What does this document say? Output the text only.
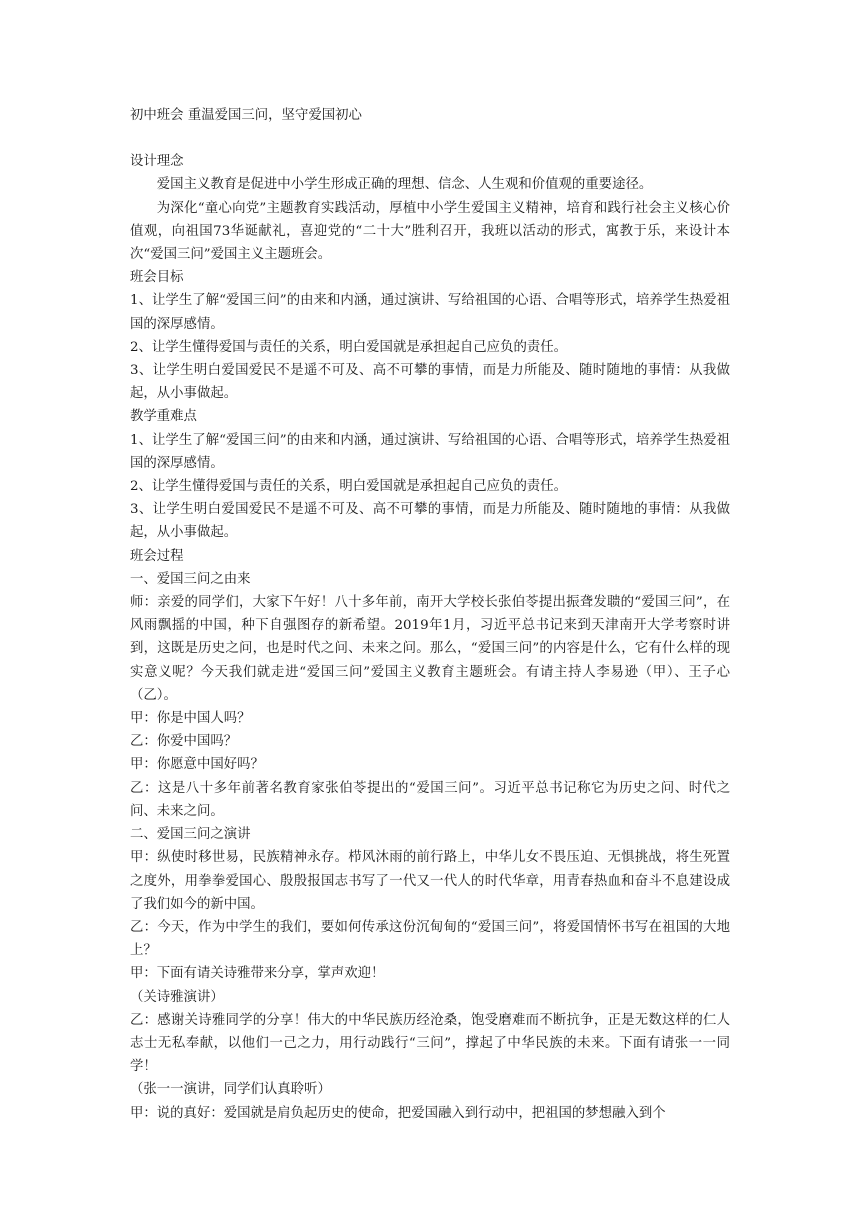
初中班会 重温爱国三问，坚守爱国初心

设计理念

爱国主义教育是促进中小学生形成正确的理想、信念、人生观和价值观的重要途径。

为深化“童心向党”主题教育实践活动，厚植中小学生爱国主义精神，培育和践行社会主义核心价值观，向祖国73华诞献礼，喜迎党的“二十大”胜利召开，我班以活动的形式，寓教于乐，来设计本次“爱国三问”爱国主义主题班会。

班会目标

1、让学生了解“爱国三问”的由来和内涵，通过演讲、写给祖国的心语、合唱等形式，培养学生热爱祖国的深厚感情。

2、让学生懂得爱国与责任的关系，明白爱国就是承担起自己应负的责任。

3、让学生明白爱国爱民不是遥不可及、高不可攀的事情，而是力所能及、随时随地的事情：从我做起，从小事做起。

教学重难点

1、让学生了解“爱国三问”的由来和内涵，通过演讲、写给祖国的心语、合唱等形式，培养学生热爱祖国的深厚感情。

2、让学生懂得爱国与责任的关系，明白爱国就是承担起自己应负的责任。

3、让学生明白爱国爱民不是遥不可及、高不可攀的事情，而是力所能及、随时随地的事情：从我做起，从小事做起。

班会过程

一、爱国三问之由来

师：亲爱的同学们，大家下午好！八十多年前，南开大学校长张伯苓提出振聋发聩的“爱国三问”，在风雨飘摇的中国，种下自强图存的新希望。2019年1月，习近平总书记来到天津南开大学考察时讲到，这既是历史之问，也是时代之问、未来之问。那么，“爱国三问”的内容是什么，它有什么样的现实意义呢？今天我们就走进“爱国三问”爱国主义教育主题班会。有请主持人李易逊（甲）、王子心（乙）。

甲：你是中国人吗？

乙：你爱中国吗？

甲：你愿意中国好吗？

乙：这是八十多年前著名教育家张伯苓提出的“爱国三问”。习近平总书记称它为历史之问、时代之问、未来之问。

二、爱国三问之演讲

甲：纵使时移世易，民族精神永存。栉风沐雨的前行路上，中华儿女不畏压迫、无惧挑战，将生死置之度外，用拳拳爱国心、殷殷报国志书写了一代又一代人的时代华章，用青春热血和奋斗不息建设成了我们如今的新中国。

乙：今天，作为中学生的我们，要如何传承这份沉甸甸的“爱国三问”，将爱国情怀书写在祖国的大地上？

甲：下面有请关诗雅带来分享，掌声欢迎！

（关诗雅演讲）

乙：感谢关诗雅同学的分享！伟大的中华民族历经沧桑，饱受磨难而不断抗争，正是无数这样的仁人志士无私奉献，以他们一己之力，用行动践行“三问”，撑起了中华民族的未来。下面有请张一一同学！

（张一一演讲，同学们认真聆听）

甲：说的真好：爱国就是肩负起历史的使命，把爱国融入到行动中，把祖国的梦想融入到个
